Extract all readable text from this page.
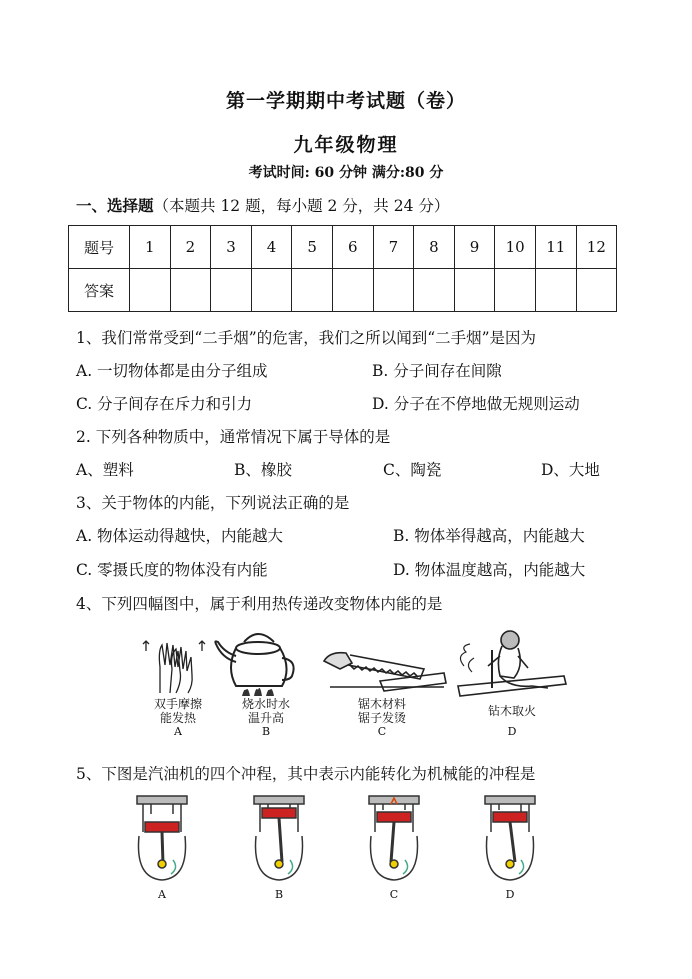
第一学期期中考试题（卷）
九年级物理
考试时间: 60 分钟 满分:80 分
一、选择题（本题共 12 题，每小题 2 分，共 24 分）
题号	1	2	3	4	5	6	7	8	9	10	11	12
答案												
1、我们常常受到“二手烟”的危害，我们之所以闻到“二手烟”是因为
A. 一切物体都是由分子组成	B. 分子间存在间隙
C. 分子间存在斥力和引力	D. 分子在不停地做无规则运动
2. 下列各种物质中，通常情况下属于导体的是
A、塑料	B、橡胶	C、陶瓷	D、大地
3、关于物体的内能，下列说法正确的是
A. 物体运动得越快，内能越大	B. 物体举得越高，内能越大
C. 零摄氏度的物体没有内能	D. 物体温度越高，内能越大
4、下列四幅图中，属于利用热传递改变物体内能的是
双手摩擦
能发热
A
烧水时水
温升高
B
锯木材料
锯子发烫
C
钻木取火
D
5、下图是汽油机的四个冲程，其中表示内能转化为机械能的冲程是
A	B	C	D
